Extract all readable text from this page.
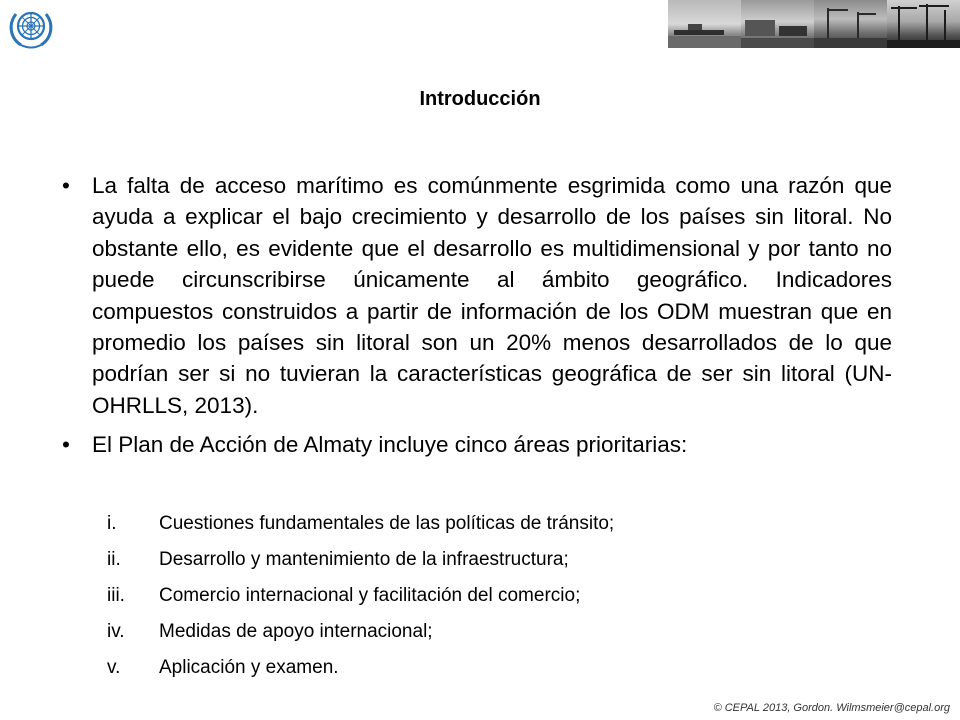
Introducción
• La falta de acceso marítimo es comúnmente esgrimida como una razón que ayuda a explicar el bajo crecimiento y desarrollo de los países sin litoral. No obstante ello, es evidente que el desarrollo es multidimensional y por tanto no puede circunscribirse únicamente al ámbito geográfico. Indicadores compuestos construidos a partir de información de los ODM muestran que en promedio los países sin litoral son un 20% menos desarrollados de lo que podrían ser si no tuvieran la características geográfica de ser sin litoral (UN-OHRLLS, 2013).
• El Plan de Acción de Almaty incluye cinco áreas prioritarias:
i.	Cuestiones fundamentales de las políticas de tránsito;
ii.	Desarrollo y mantenimiento de la infraestructura;
iii.	Comercio internacional y facilitación del comercio;
iv.	Medidas de apoyo internacional;
v.	Aplicación y examen.
© CEPAL 2013, Gordon. Wilmsmeier@cepal.org
